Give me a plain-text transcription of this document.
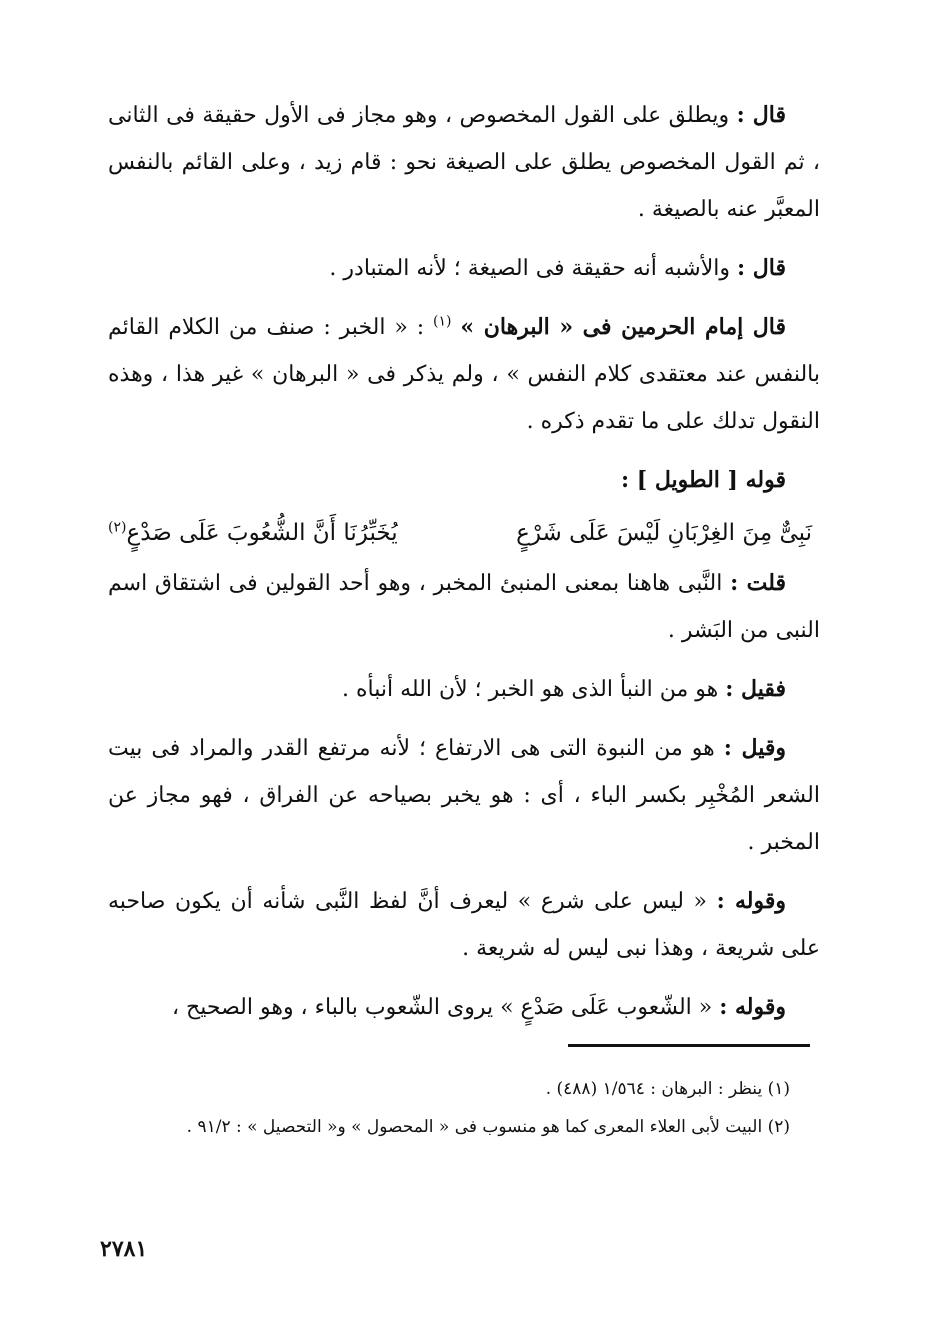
قال : ويطلق على القول المخصوص ، وهو مجاز فى الأول حقيقة فى الثانى ، ثم القول المخصوص يطلق على الصيغة نحو : قام زيد ، وعلى القائم بالنفس المعبَّر عنه بالصيغة .

قال : والأشبه أنه حقيقة فى الصيغة ؛ لأنه المتبادر .

قال إمام الحرمين فى « البرهان » $^{(١)}$ : « الخبر : صنف من الكلام القائم بالنفس عند معتقدى كلام النفس » ، ولم يذكر فى « البرهان » غير هذا ، وهذه النقول تدلك على ما تقدم ذكره .

قوله [ الطويل ] :

نَبِىٌّ مِنَ الغِرْبَانِ لَيْسَ عَلَى شَرْعٍ
يُخَبِّرُنَا أَنَّ الشُّعُوبَ عَلَى صَدْعٍ$^{(٢)}$

قلت : النَّبى هاهنا بمعنى المنبئ المخبر ، وهو أحد القولين فى اشتقاق اسم النبى من البَشر .

فقيل : هو من النبأ الذى هو الخبر ؛ لأن الله أنبأه .

وقيل : هو من النبوة التى هى الارتفاع ؛ لأنه مرتفع القدر والمراد فى بيت الشعر المُخْبِر بكسر الباء ، أى : هو يخبر بصياحه عن الفراق ، فهو مجاز عن المخبر .

وقوله : « ليس على شرع » ليعرف أنَّ لفظ النَّبى شأنه أن يكون صاحبه على شريعة ، وهذا نبى ليس له شريعة .

وقوله : « الشّعوب عَلَى صَدْعٍ » يروى الشّعوب بالباء ، وهو الصحيح ،

(١) ينظر : البرهان : ١/٥٦٤ (٤٨٨) .

(٢) البيت لأبى العلاء المعرى كما هو منسوب فى « المحصول » و« التحصيل » : ٩١/٢ .

٢٧٨١
